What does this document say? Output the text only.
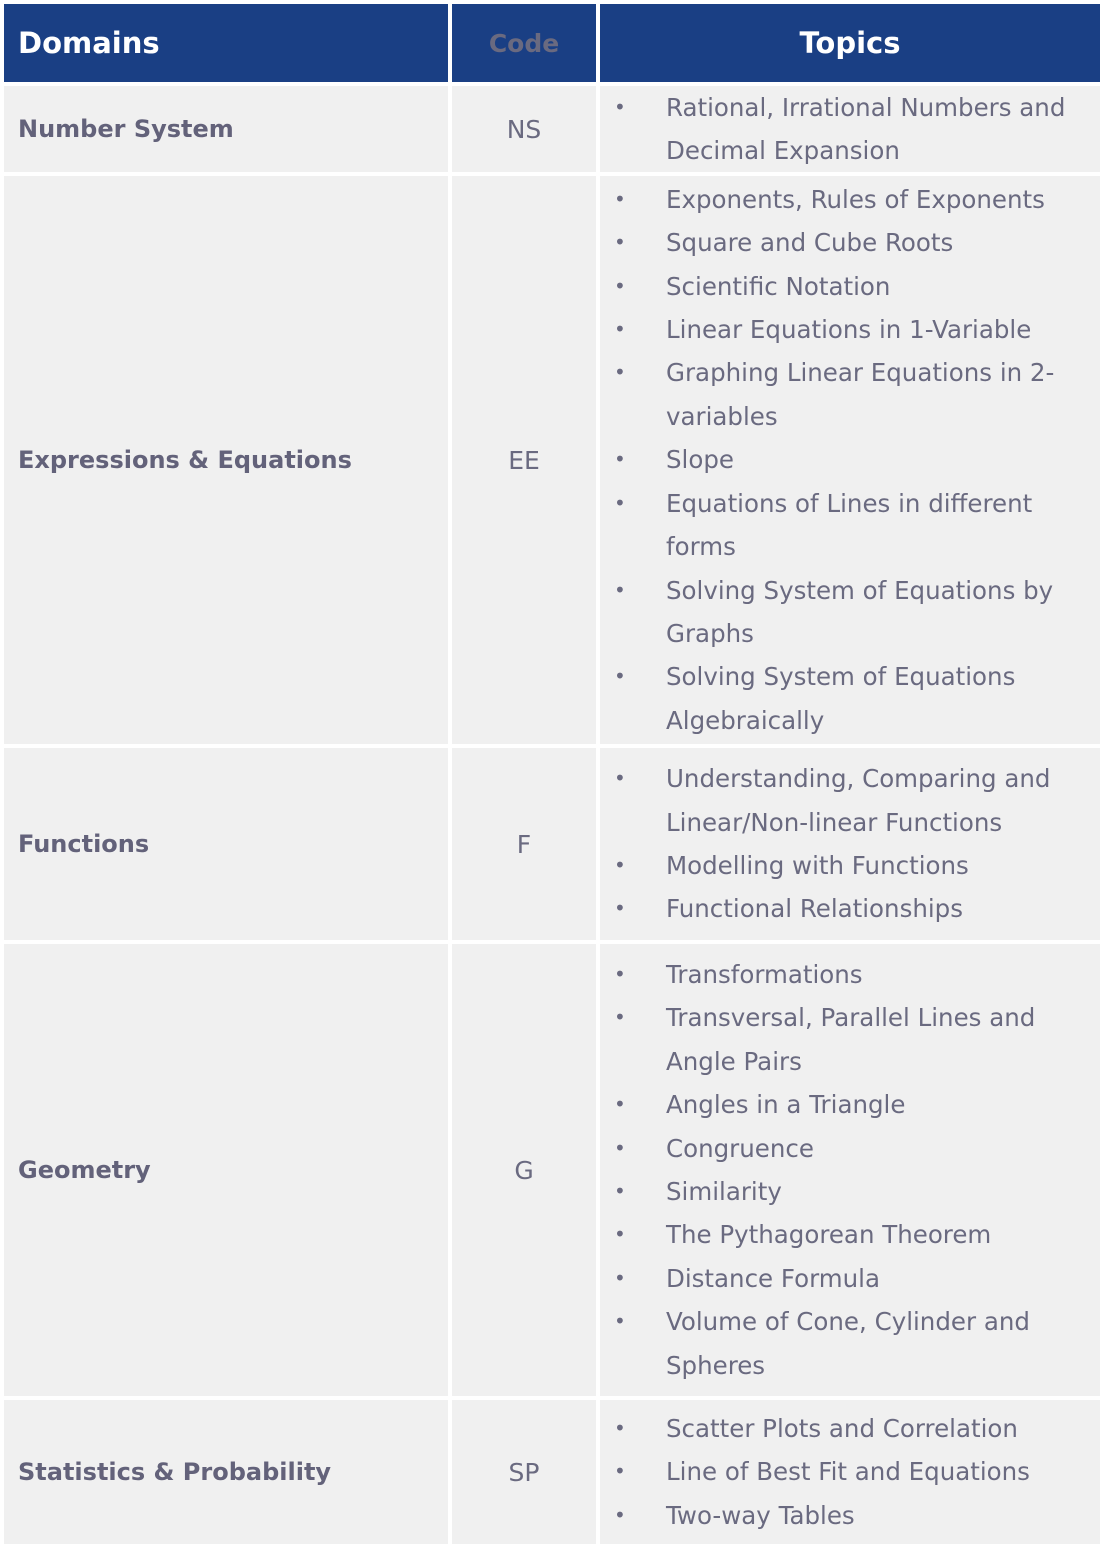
Domains	Code	Topics
Number System	NS
• Rational, Irrational Numbers and Decimal Expansion
Expressions & Equations	EE
• Exponents, Rules of Exponents
• Square and Cube Roots
• Scientific Notation
• Linear Equations in 1-Variable
• Graphing Linear Equations in 2-variables
• Slope
• Equations of Lines in different forms
• Solving System of Equations by Graphs
• Solving System of Equations Algebraically
Functions	F
• Understanding, Comparing and Linear/Non-linear Functions
• Modelling with Functions
• Functional Relationships
Geometry	G
• Transformations
• Transversal, Parallel Lines and Angle Pairs
• Angles in a Triangle
• Congruence
• Similarity
• The Pythagorean Theorem
• Distance Formula
• Volume of Cone, Cylinder and Spheres
Statistics & Probability	SP
• Scatter Plots and Correlation
• Line of Best Fit and Equations
• Two-way Tables
